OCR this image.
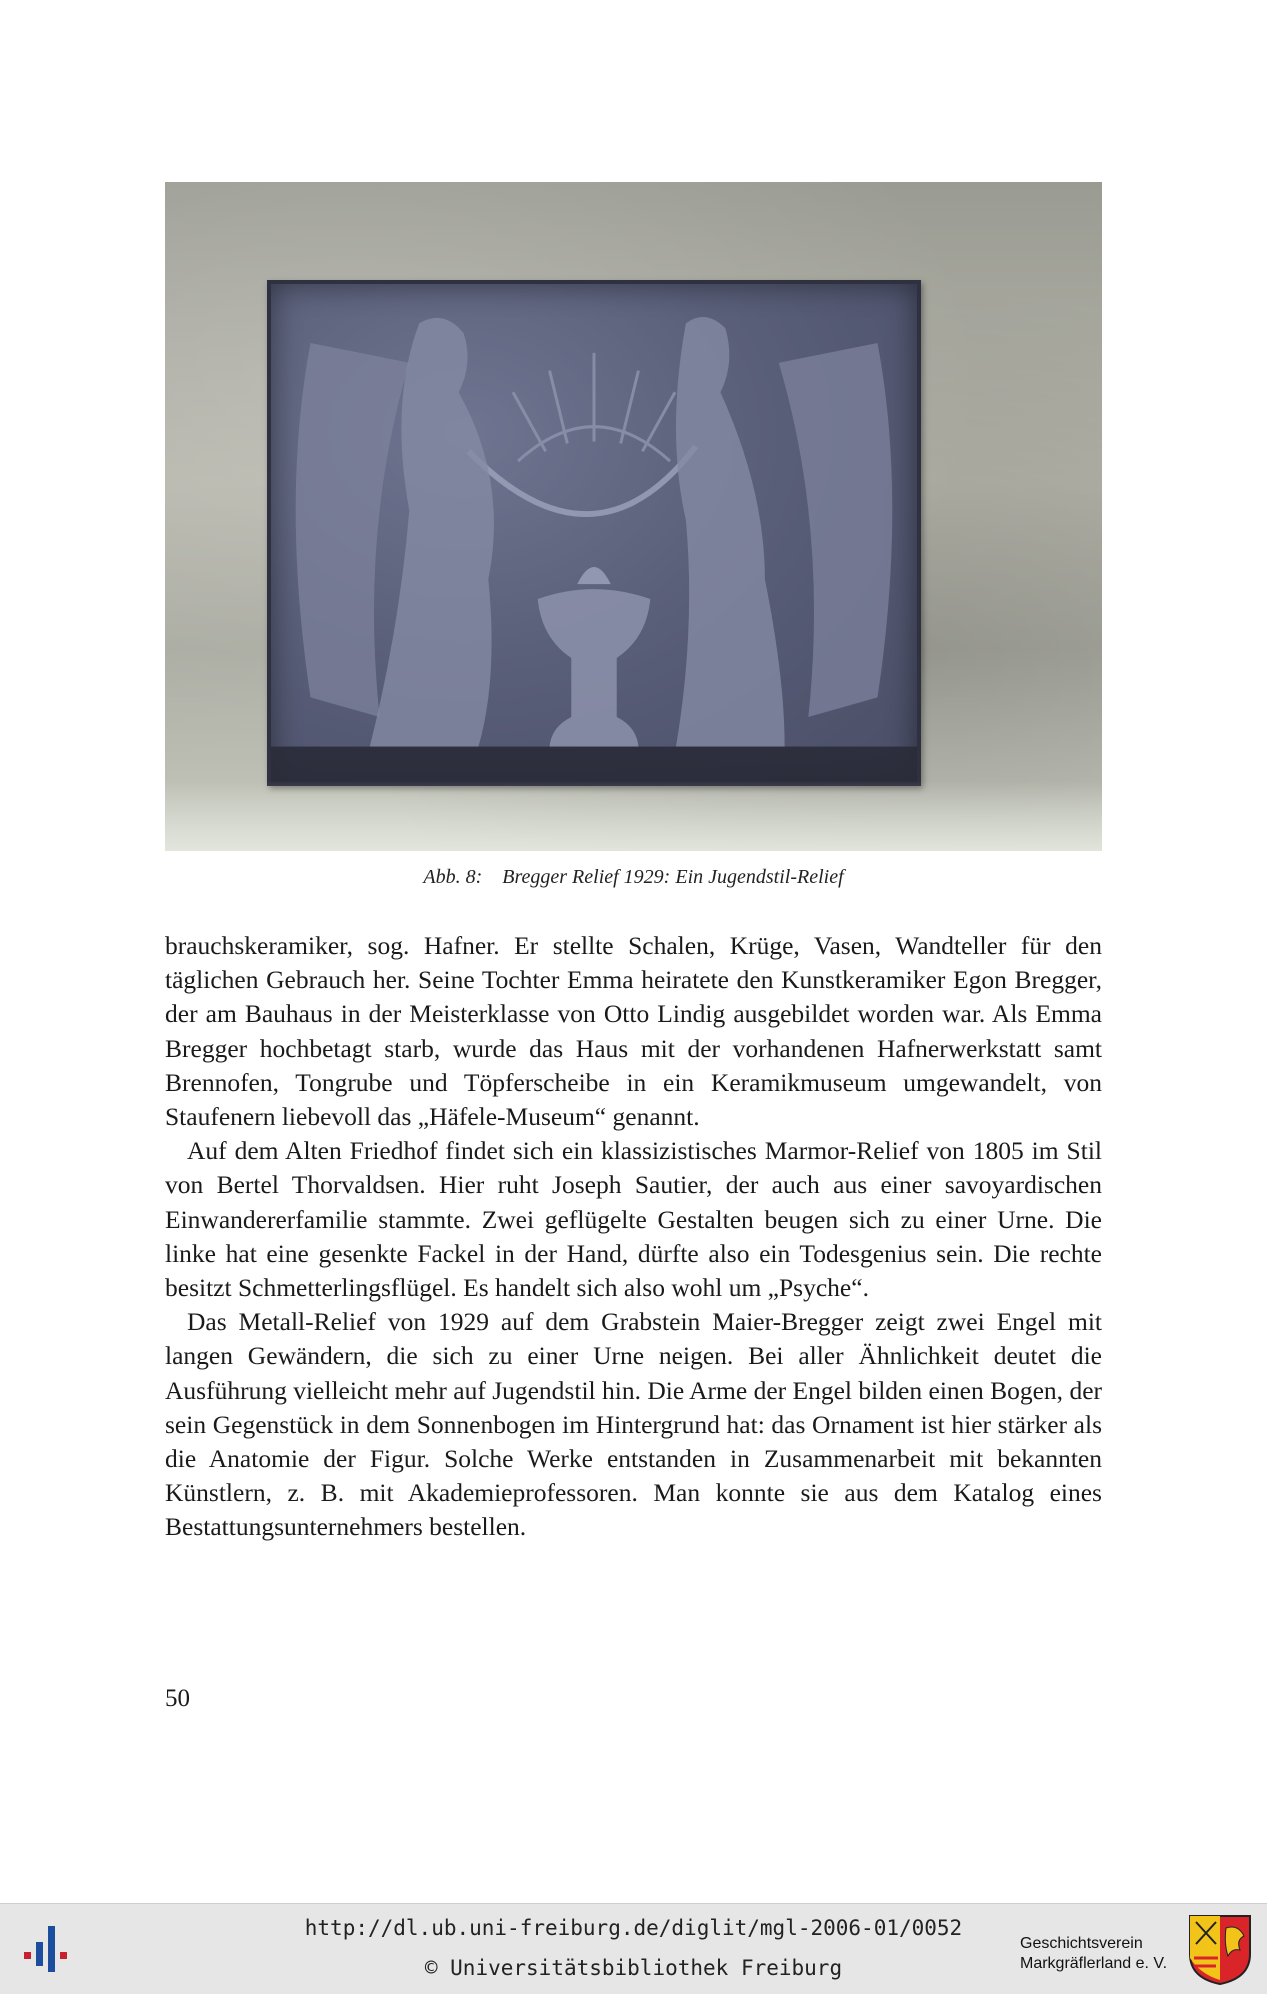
Abb. 8: Bregger Relief 1929: Ein Jugendstil-Relief

brauchskeramiker, sog. Hafner. Er stellte Schalen, Krüge, Vasen, Wandteller für den täglichen Gebrauch her. Seine Tochter Emma heiratete den Kunstkeramiker Egon Bregger, der am Bauhaus in der Meisterklasse von Otto Lindig ausgebildet worden war. Als Emma Bregger hochbetagt starb, wurde das Haus mit der vorhandenen Hafnerwerkstatt samt Brennofen, Tongrube und Töpferscheibe in ein Keramikmuseum umgewandelt, von Staufenern liebevoll das „Häfele-Museum“ genannt.

Auf dem Alten Friedhof findet sich ein klassizistisches Marmor-Relief von 1805 im Stil von Bertel Thorvaldsen. Hier ruht Joseph Sautier, der auch aus einer savoyardischen Einwandererfamilie stammte. Zwei geflügelte Gestalten beugen sich zu einer Urne. Die linke hat eine gesenkte Fackel in der Hand, dürfte also ein Todesgenius sein. Die rechte besitzt Schmetterlingsflügel. Es handelt sich also wohl um „Psyche“.

Das Metall-Relief von 1929 auf dem Grabstein Maier-Bregger zeigt zwei Engel mit langen Gewändern, die sich zu einer Urne neigen. Bei aller Ähnlichkeit deutet die Ausführung vielleicht mehr auf Jugendstil hin. Die Arme der Engel bilden einen Bogen, der sein Gegenstück in dem Sonnenbogen im Hintergrund hat: das Ornament ist hier stärker als die Anatomie der Figur. Solche Werke entstanden in Zusammenarbeit mit bekannten Künstlern, z. B. mit Akademieprofessoren. Man konnte sie aus dem Katalog eines Bestattungsunternehmers bestellen.

50
http://dl.ub.uni-freiburg.de/diglit/mgl-2006-01/0052
© Universitätsbibliothek Freiburg
Geschichtsverein
Markgräflerland e. V.
